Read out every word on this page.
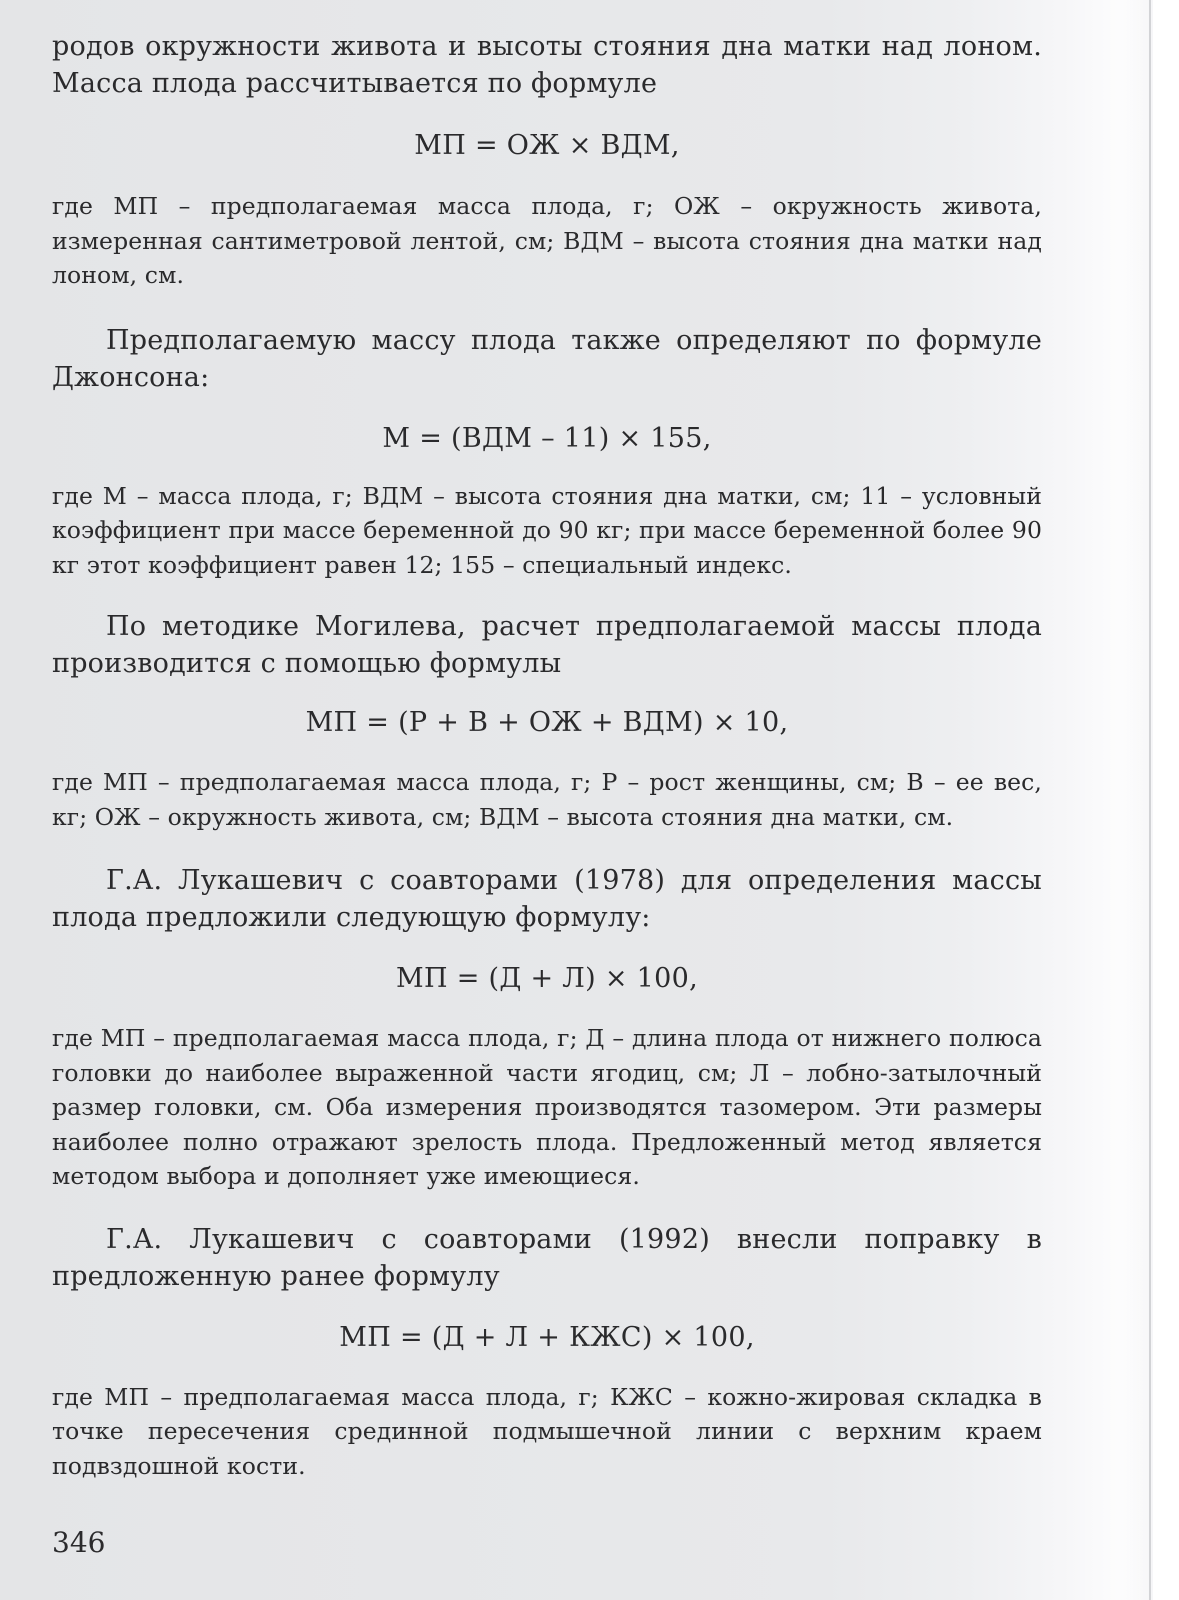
родов окружности живота и высоты стояния дна матки над лоном. Масса плода рассчитывается по формуле

МП = ОЖ × ВДМ,

где МП – предполагаемая масса плода, г; ОЖ – окружность живота, измеренная сантиметровой лентой, см; ВДМ – высота стояния дна матки над лоном, см.

Предполагаемую массу плода также определяют по формуле Джонсона:

М = (ВДМ – 11) × 155,

где М – масса плода, г; ВДМ – высота стояния дна матки, см; 11 – условный коэффициент при массе беременной до 90 кг; при массе беременной более 90 кг этот коэффициент равен 12; 155 – специальный индекс.

По методике Могилева, расчет предполагаемой массы плода производится с помощью формулы

МП = (Р + В + ОЖ + ВДМ) × 10,

где МП – предполагаемая масса плода, г; Р – рост женщины, см; В – ее вес, кг; ОЖ – окружность живота, см; ВДМ – высота стояния дна матки, см.

Г.А. Лукашевич с соавторами (1978) для определения массы плода предложили следующую формулу:

МП = (Д + Л) × 100,

где МП – предполагаемая масса плода, г; Д – длина плода от нижнего полюса головки до наиболее выраженной части ягодиц, см; Л – лобно-затылочный размер головки, см. Оба измерения производятся тазомером. Эти размеры наиболее полно отражают зрелость плода. Предложенный метод является методом выбора и дополняет уже имеющиеся.

Г.А. Лукашевич с соавторами (1992) внесли поправку в предложенную ранее формулу

МП = (Д + Л + КЖС) × 100,

где МП – предполагаемая масса плода, г; КЖС – кожно-жировая складка в точке пересечения срединной подмышечной линии с верхним краем подвздошной кости.

346
